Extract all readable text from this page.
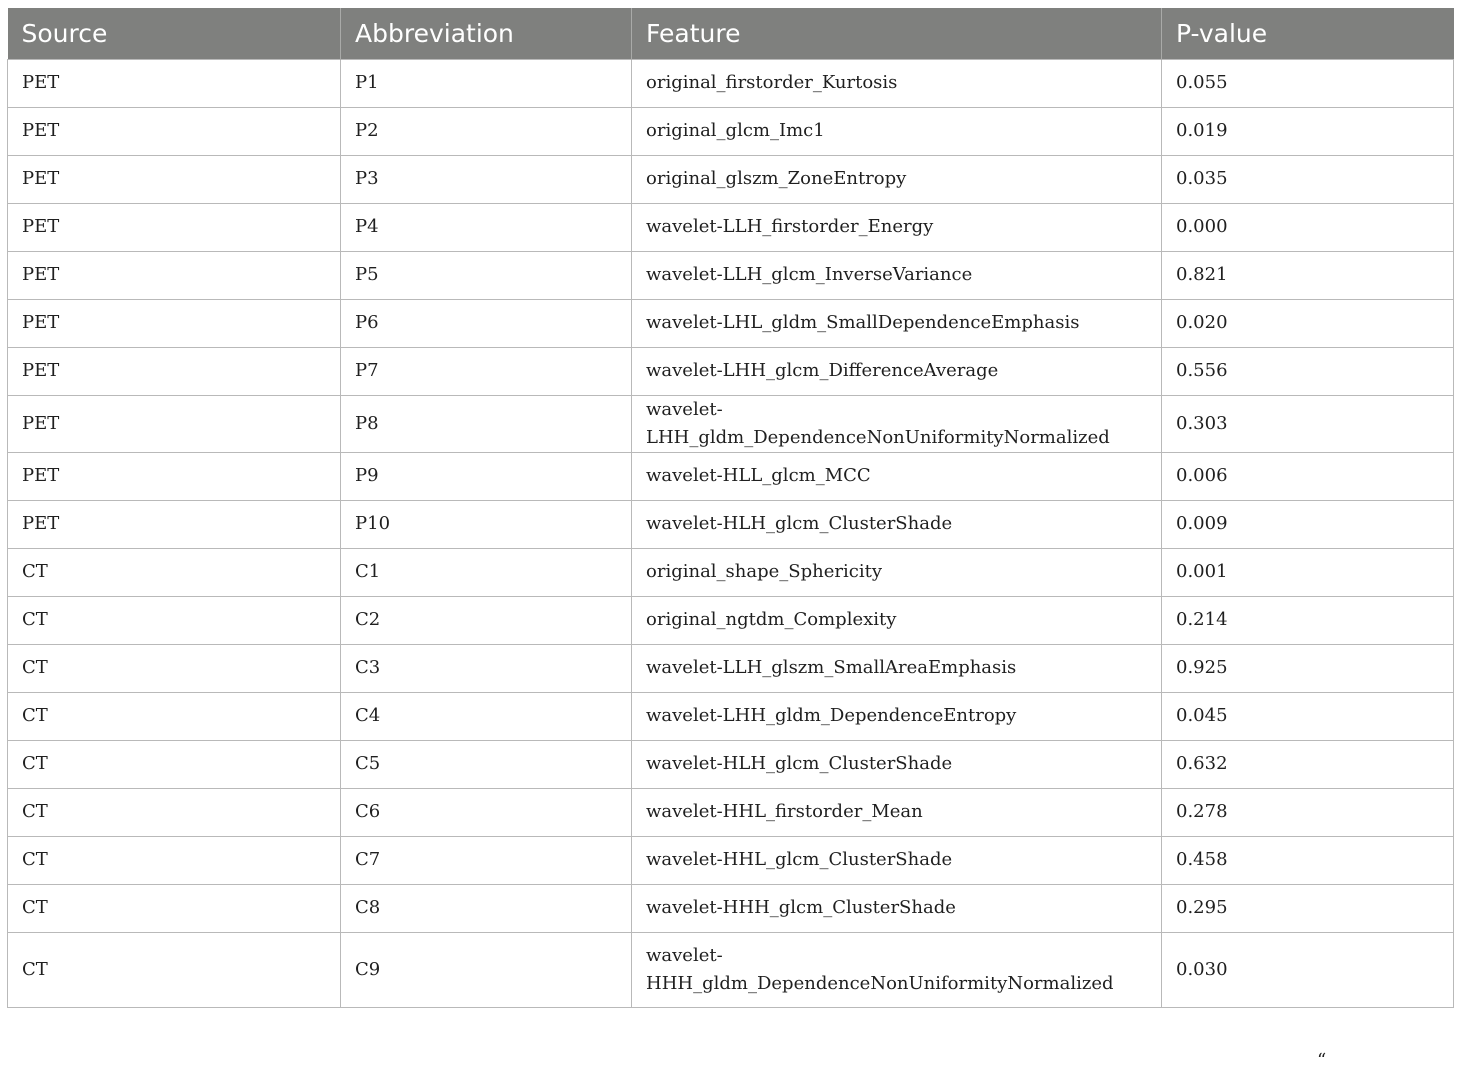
Source	Abbreviation	Feature	P-value
PET	P1	original_firstorder_Kurtosis	0.055
PET	P2	original_glcm_Imc1	0.019
PET	P3	original_glszm_ZoneEntropy	0.035
PET	P4	wavelet-LLH_firstorder_Energy	0.000
PET	P5	wavelet-LLH_glcm_InverseVariance	0.821
PET	P6	wavelet-LHL_gldm_SmallDependenceEmphasis	0.020
PET	P7	wavelet-LHH_glcm_DifferenceAverage	0.556
PET	P8	wavelet-LHH_gldm_DependenceNonUniformityNormalized	0.303
PET	P9	wavelet-HLL_glcm_MCC	0.006
PET	P10	wavelet-HLH_glcm_ClusterShade	0.009
CT	C1	original_shape_Sphericity	0.001
CT	C2	original_ngtdm_Complexity	0.214
CT	C3	wavelet-LLH_glszm_SmallAreaEmphasis	0.925
CT	C4	wavelet-LHH_gldm_DependenceEntropy	0.045
CT	C5	wavelet-HLH_glcm_ClusterShade	0.632
CT	C6	wavelet-HHL_firstorder_Mean	0.278
CT	C7	wavelet-HHL_glcm_ClusterShade	0.458
CT	C8	wavelet-HHH_glcm_ClusterShade	0.295
CT	C9	wavelet-HHH_gldm_DependenceNonUniformityNormalized	0.030
“
